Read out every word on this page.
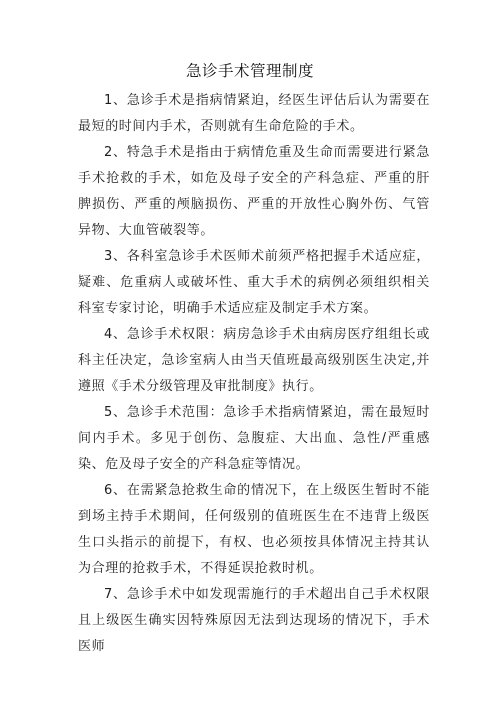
急诊手术管理制度

1、急诊手术是指病情紧迫，经医生评估后认为需要在最短的时间内手术，否则就有生命危险的手术。

2、特急手术是指由于病情危重及生命而需要进行紧急手术抢救的手术，如危及母子安全的产科急症、严重的肝脾损伤、严重的颅脑损伤、严重的开放性心胸外伤、气管异物、大血管破裂等。

3、各科室急诊手术医师术前须严格把握手术适应症，疑难、危重病人或破坏性、重大手术的病例必须组织相关科室专家讨论，明确手术适应症及制定手术方案。

4、急诊手术权限：病房急诊手术由病房医疗组组长或科主任决定，急诊室病人由当天值班最高级别医生决定,并遵照《手术分级管理及审批制度》执行。

5、急诊手术范围：急诊手术指病情紧迫，需在最短时间内手术。多见于创伤、急腹症、大出血、急性/严重感染、危及母子安全的产科急症等情况。

6、在需紧急抢救生命的情况下，在上级医生暂时不能到场主持手术期间，任何级别的值班医生在不违背上级医生口头指示的前提下，有权、也必须按具体情况主持其认为合理的抢救手术，不得延误抢救时机。

7、急诊手术中如发现需施行的手术超出自己手术权限且上级医生确实因特殊原因无法到达现场的情况下，手术医师
